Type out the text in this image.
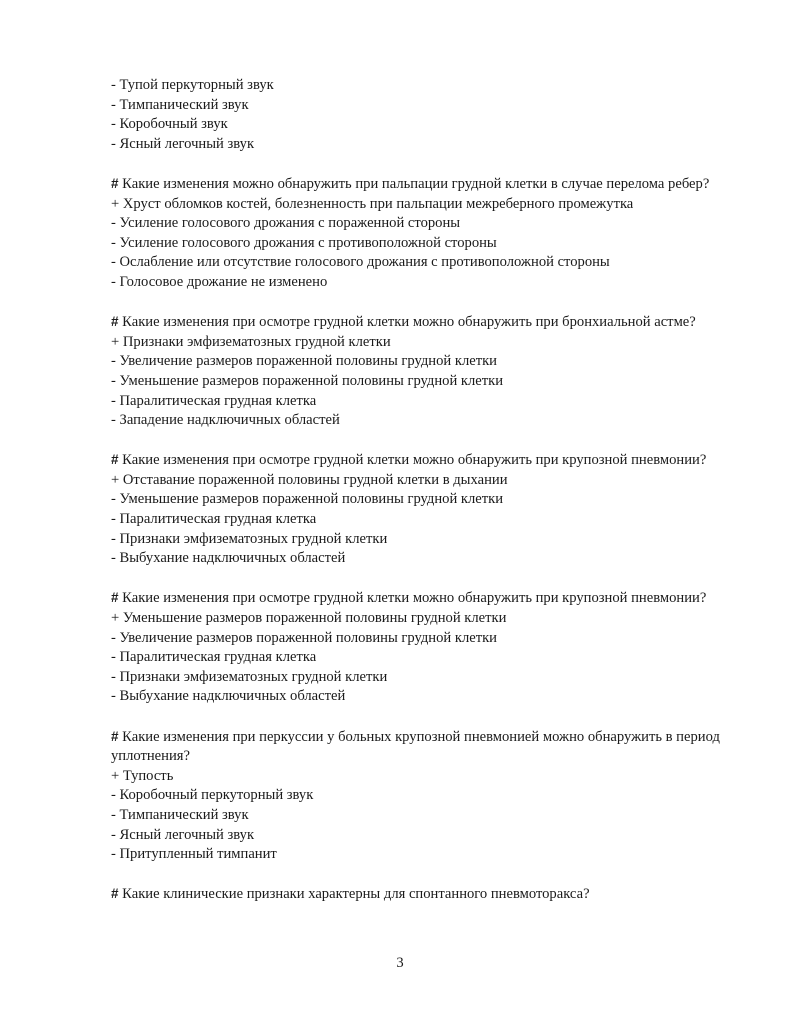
- Тупой перкуторный звук
- Тимпанический звук
- Коробочный звук
- Ясный легочный звук
# Какие изменения можно обнаружить при пальпации грудной клетки в случае перелома ребер?
+ Хруст обломков костей, болезненность при пальпации межреберного промежутка
- Усиление голосового дрожания с пораженной стороны
- Усиление голосового дрожания с противоположной стороны
- Ослабление или отсутствие голосового дрожания с противоположной стороны
- Голосовое дрожание не изменено
# Какие изменения при осмотре грудной клетки можно обнаружить при бронхиальной астме?
+ Признаки эмфизематозных грудной клетки
- Увеличение размеров пораженной половины грудной клетки
- Уменьшение размеров пораженной половины грудной клетки
- Паралитическая грудная клетка
- Западение надключичных областей
# Какие изменения при осмотре грудной клетки можно обнаружить при крупозной пневмонии?
+ Отставание пораженной половины грудной клетки в дыхании
- Уменьшение размеров пораженной половины грудной клетки
- Паралитическая грудная клетка
- Признаки эмфизематозных грудной клетки
- Выбухание надключичных областей
# Какие изменения при осмотре грудной клетки можно обнаружить при крупозной пневмонии?
+ Уменьшение размеров пораженной половины грудной клетки
- Увеличение размеров пораженной половины грудной клетки
- Паралитическая грудная клетка
- Признаки эмфизематозных грудной клетки
- Выбухание надключичных областей
# Какие изменения при перкуссии у больных крупозной пневмонией можно обнаружить в период уплотнения?
+ Тупость
- Коробочный перкуторный звук
- Тимпанический звук
- Ясный легочный звук
- Притупленный тимпанит
# Какие клинические признаки характерны для спонтанного пневмоторакса?
3
